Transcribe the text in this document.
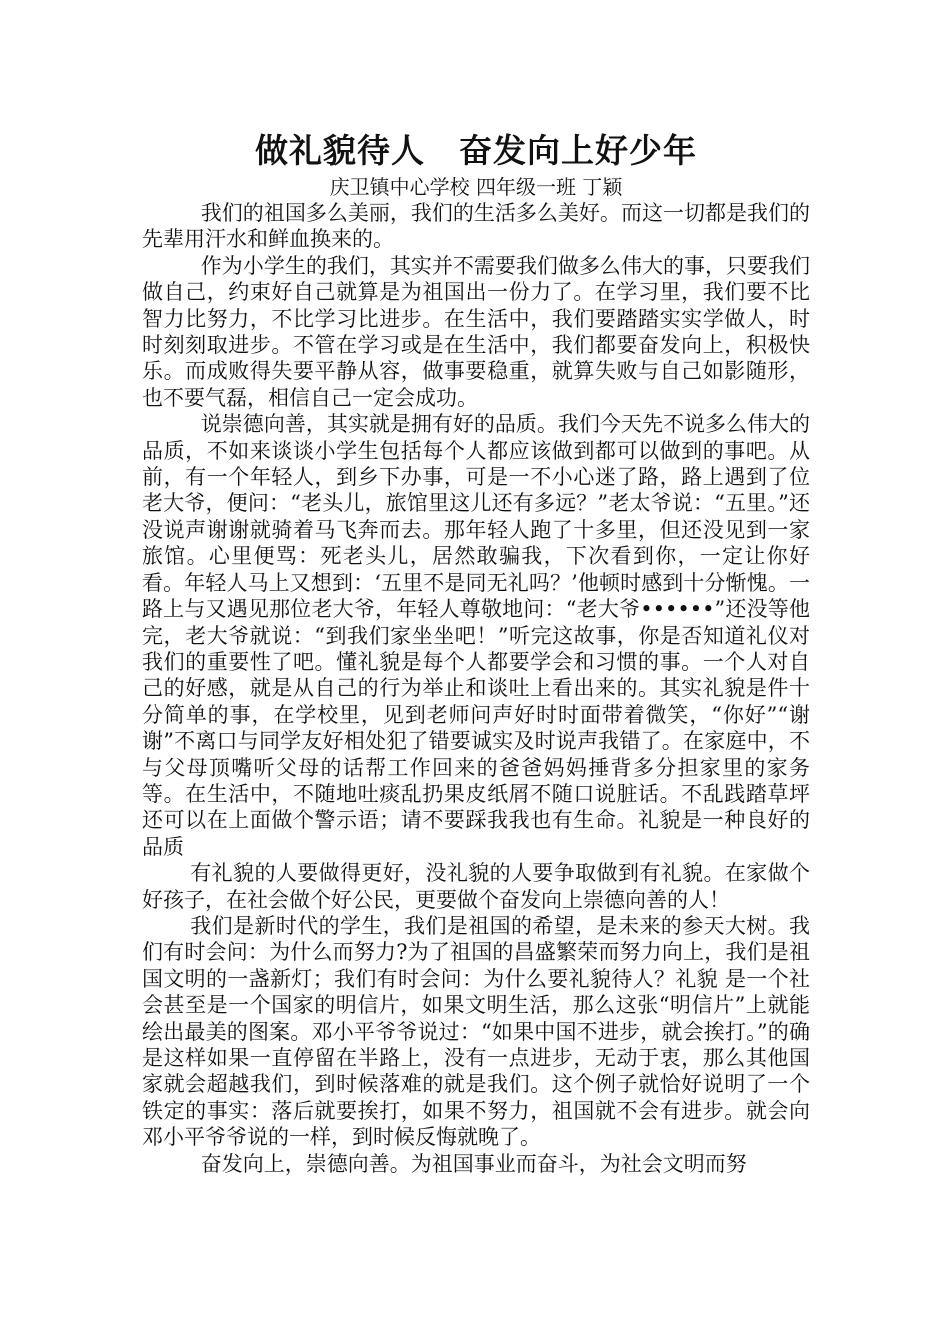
做礼貌待人　奋发向上好少年

庆卫镇中心学校 四年级一班 丁颖

我们的祖国多么美丽，我们的生活多么美好。而这一切都是我们的先辈用汗水和鲜血换来的。

作为小学生的我们，其实并不需要我们做多么伟大的事，只要我们做自己，约束好自己就算是为祖国出一份力了。在学习里，我们要不比智力比努力，不比学习比进步。在生活中，我们要踏踏实实学做人，时时刻刻取进步。不管在学习或是在生活中，我们都要奋发向上，积极快乐。而成败得失要平静从容，做事要稳重，就算失败与自己如影随形，也不要气磊，相信自己一定会成功。

说崇德向善，其实就是拥有好的品质。我们今天先不说多么伟大的品质，不如来谈谈小学生包括每个人都应该做到都可以做到的事吧。从前，有一个年轻人，到乡下办事，可是一不小心迷了路，路上遇到了位老大爷，便问：“老头儿，旅馆里这儿还有多远？”老太爷说：“五里。”还没说声谢谢就骑着马飞奔而去。那年轻人跑了十多里，但还没见到一家旅馆。心里便骂：死老头儿，居然敢骗我，下次看到你，一定让你好看。年轻人马上又想到：‘五里不是同无礼吗？’他顿时感到十分惭愧。一路上与又遇见那位老大爷，年轻人尊敬地问：“老大爷••••••”还没等他完，老大爷就说：“到我们家坐坐吧！”听完这故事，你是否知道礼仪对我们的重要性了吧。懂礼貌是每个人都要学会和习惯的事。一个人对自己的好感，就是从自己的行为举止和谈吐上看出来的。其实礼貌是件十分简单的事，在学校里，见到老师问声好时时面带着微笑，“你好”“谢谢”不离口与同学友好相处犯了错要诚实及时说声我错了。在家庭中，不与父母顶嘴听父母的话帮工作回来的爸爸妈妈捶背多分担家里的家务等。在生活中，不随地吐痰乱扔果皮纸屑不随口说脏话。不乱践踏草坪还可以在上面做个警示语；请不要踩我我也有生命。礼貌是一种良好的品质

有礼貌的人要做得更好，没礼貌的人要争取做到有礼貌。在家做个好孩子，在社会做个好公民，更要做个奋发向上崇德向善的人！

我们是新时代的学生，我们是祖国的希望，是未来的参天大树。我们有时会问：为什么而努力?为了祖国的昌盛繁荣而努力向上，我们是祖国文明的一盏新灯；我们有时会问：为什么要礼貌待人？礼貌 是一个社会甚至是一个国家的明信片，如果文明生活，那么这张“明信片”上就能绘出最美的图案。邓小平爷爷说过：“如果中国不进步，就会挨打。”的确是这样如果一直停留在半路上，没有一点进步，无动于衷，那么其他国家就会超越我们，到时候落难的就是我们。这个例子就恰好说明了一个铁定的事实：落后就要挨打，如果不努力，祖国就不会有进步。就会向邓小平爷爷说的一样，到时候反悔就晚了。

奋发向上，崇德向善。为祖国事业而奋斗，为社会文明而努
